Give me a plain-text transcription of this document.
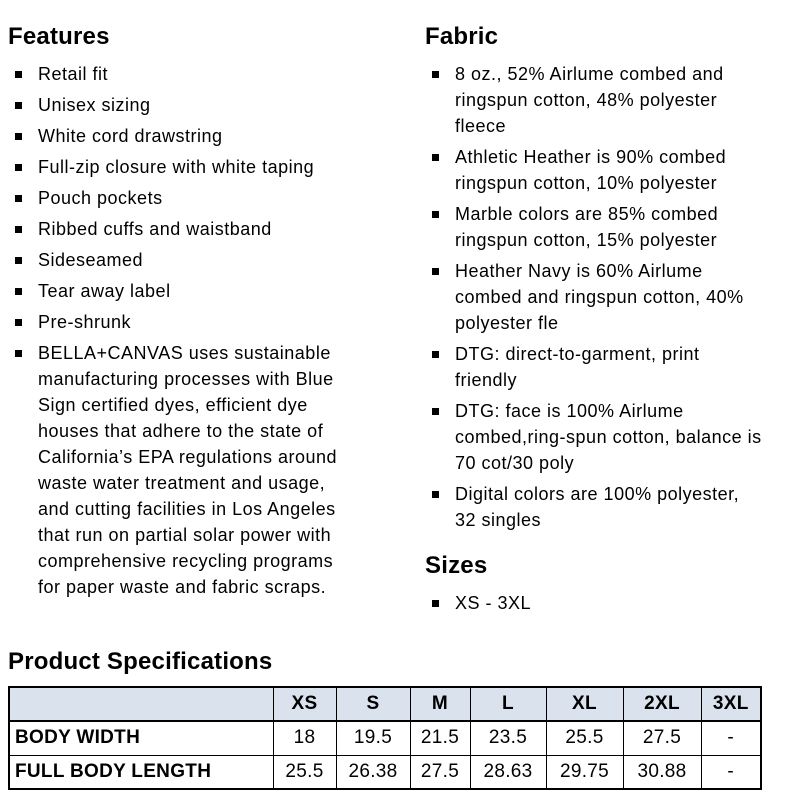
Features
Retail fit
Unisex sizing
White cord drawstring
Full-zip closure with white taping
Pouch pockets
Ribbed cuffs and waistband
Sideseamed
Tear away label
Pre-shrunk
BELLA+CANVAS uses sustainable manufacturing processes with Blue Sign certified dyes, efficient dye houses that adhere to the state of California’s EPA regulations around waste water treatment and usage, and cutting facilities in Los Angeles that run on partial solar power with comprehensive recycling programs for paper waste and fabric scraps.
Fabric
8 oz., 52% Airlume combed and ringspun cotton, 48% polyester fleece
Athletic Heather is 90% combed ringspun cotton, 10% polyester
Marble colors are 85% combed ringspun cotton, 15% polyester
Heather Navy is 60% Airlume combed and ringspun cotton, 40% polyester fle
DTG: direct-to-garment, print friendly
DTG: face is 100% Airlume combed,ring-spun cotton, balance is 70 cot/30 poly
Digital colors are 100% polyester, 32 singles
Sizes
XS - 3XL
Product Specifications
	XS	S	M	L	XL	2XL	3XL
BODY WIDTH	18	19.5	21.5	23.5	25.5	27.5	-
FULL BODY LENGTH	25.5	26.38	27.5	28.63	29.75	30.88	-
